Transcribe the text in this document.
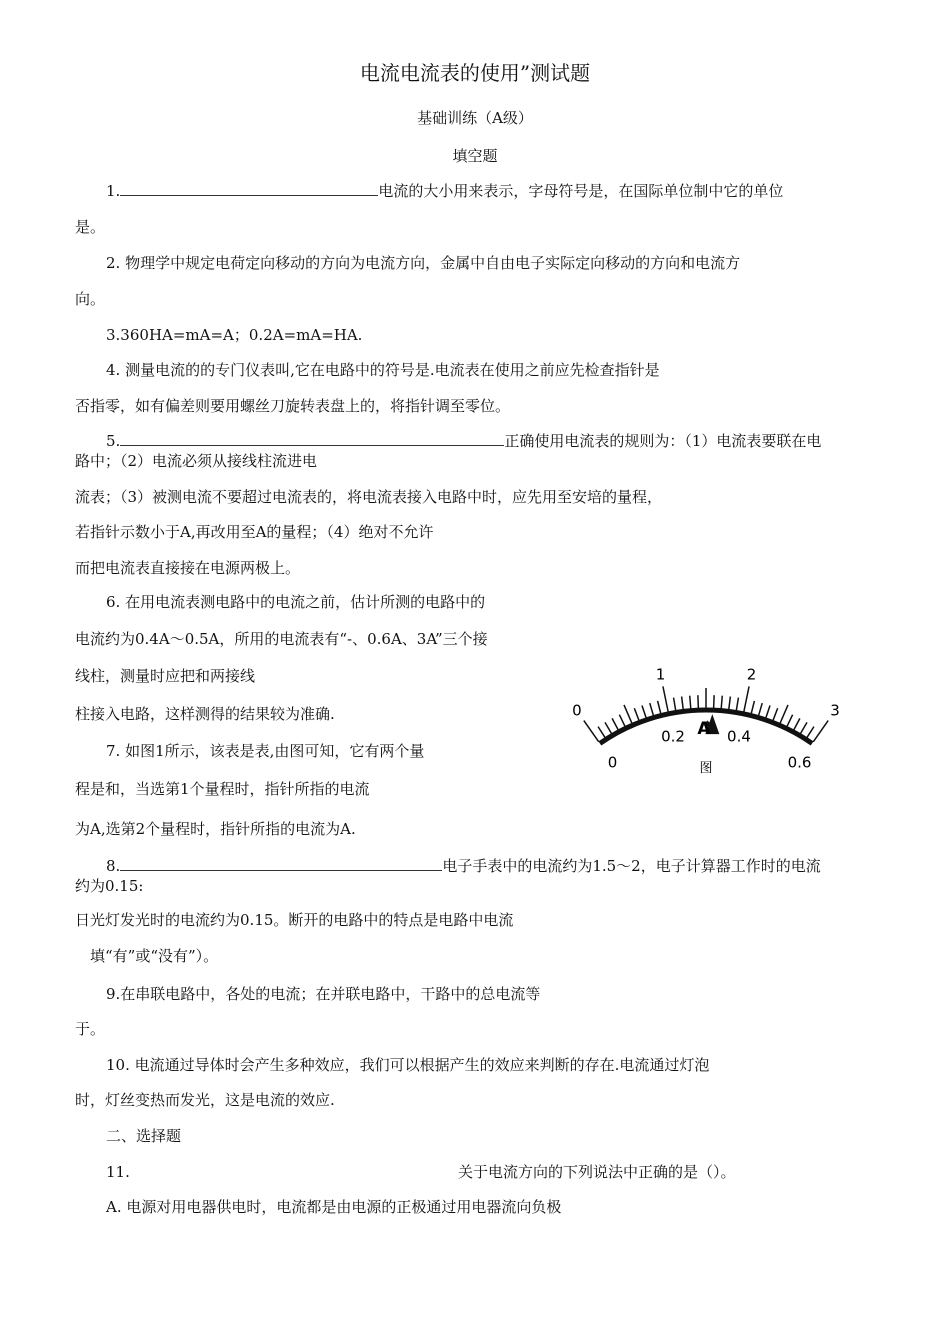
电流电流表的使用”测试题
基础训练（A级）
填空题
1.	电流的大小用来表示，字母符号是，在国际单位制中它的单位
是。
2. 物理学中规定电荷定向移动的方向为电流方向，金属中自由电子实际定向移动的方向和电流方
向。
3.360HA=mA=A；0.2A=mA=HA.
4. 测量电流的的专门仪表叫,它在电路中的符号是.电流表在使用之前应先检查指针是
否指零，如有偏差则要用螺丝刀旋转表盘上的，将指针调至零位。
5.	正确使用电流表的规则为：（1）电流表要联在电
路中；（2）电流必须从接线柱流进电
流表；（3）被测电流不要超过电流表的，将电流表接入电路中时，应先用至安培的量程，
若指针示数小于A,再改用至A的量程；（4）绝对不允许
而把电流表直接接在电源两极上。
6. 在用电流表测电路中的电流之前，估计所测的电路中的
电流约为0.4A～0.5A，所用的电流表有“-、0.6A、3A”三个接
线柱，测量时应把和两接线
柱接入电路，这样测得的结果较为准确.	0
1	2
3
0
0.2	0.4
0.6
A
图
7. 如图1所示，该表是表,由图可知，它有两个量
程是和，当选第1个量程时，指针所指的电流
为A,选第2个量程时，指针所指的电流为A.
8.	电子手表中的电流约为1.5～2，电子计算器工作时的电流
约为0.15:
日光灯发光时的电流约为0.15。断开的电路中的特点是电路中电流
填“有”或“没有”）。
9.在串联电路中，各处的电流；在并联电路中，干路中的总电流等
于。
10. 电流通过导体时会产生多种效应，我们可以根据产生的效应来判断的存在.电流通过灯泡
时，灯丝变热而发光，这是电流的效应.
二、选择题
11.	关于电流方向的下列说法中正确的是（）。
A. 电源对用电器供电时，电流都是由电源的正极通过用电器流向负极
